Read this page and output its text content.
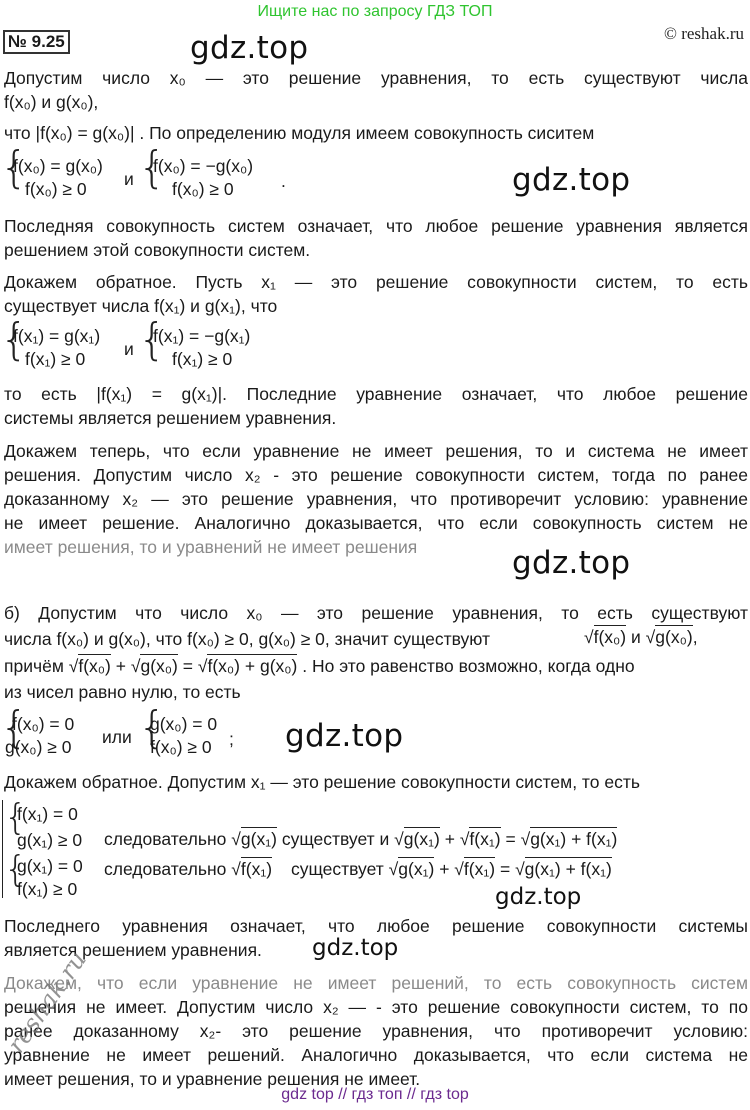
Ищите нас по запросу ГДЗ ТОП
№ 9.25	© reshak.ru
gdz.top
gdz.top
gdz.top
gdz.top
gdz.top
gdz.top
Допустим число x₀ — это решение уравнения, то есть существуют числа
f(x₀) и g(x₀),
что |f(x₀) = g(x₀)| . По определению модуля имеем совокупность сиситем
{
f(x₀) = g(x₀)
f(x₀) ≥ 0 и {
f(x₀) = −g(x₀)
f(x₀) ≥ 0	.
Последняя совокупность систем означает, что любое решение уравнения является
решением этой совокупности систем.
Докажем обратное. Пусть x₁ — это решение совокупности систем, то есть
существует числа f(x₁) и g(x₁), что
{
f(x₁) = g(x₁)
f(x₁) ≥ 0 и {
f(x₁) = −g(x₁)
f(x₁) ≥ 0
то есть |f(x₁) = g(x₁)|. Последние уравнение означает, что любое решение
системы является решением уравнения.
Докажем теперь, что если уравнение не имеет решения, то и система не имеет
решения. Допустим число x₂ - это решение совокупности систем, тогда по ранее
доказанному x₂ — это решение уравнения, что противоречит условию: уравнение
не имеет решение. Аналогично доказывается, что если совокупность систем не
имеет решения, то и уравнений не имеет решения
б) Допустим что число x₀ — это решение уравнения, то есть существуют
числа f(x₀) и g(x₀), что f(x₀) ≥ 0, g(x₀) ≥ 0, значит существуют	√f(x₀) и √g(x₀),
причём √f(x₀) + √g(x₀) = √f(x₀) + g(x₀) . Но это равенство возможно, когда одно
из чисел равно нулю, то есть
{
f(x₀) = 0
g(x₀) ≥ 0 или {
g(x₀) = 0
f(x₀) ≥ 0 ;
Докажем обратное. Допустим x₁ — это решение совокупности систем, то есть
{
{
f(x₁) = 0
g(x₁) ≥ 0 следовательно √g(x₁) существует и √g(x₁) + √f(x₁) = √g(x₁) + f(x₁)
g(x₁) = 0 следовательно √f(x₁) существует √g(x₁) + √f(x₁) = √g(x₁) + f(x₁)
f(x₁) ≥ 0
Последнего уравнения означает, что любое решение совокупности системы
является решением уравнения.
Докажем, что если уравнение не имеет решений, то есть совокупность систем
решения не имеет. Допустим число x₂ — - это решение совокупности систем, то по
ранее доказанному x₂- это решение уравнения, что противоречит условию:
уравнение не имеет решений. Аналогично доказывается, что если система не
имеет решения, то и уравнение решения не имеет.
reshak.ru
gdz top // гдз топ // гдз top
